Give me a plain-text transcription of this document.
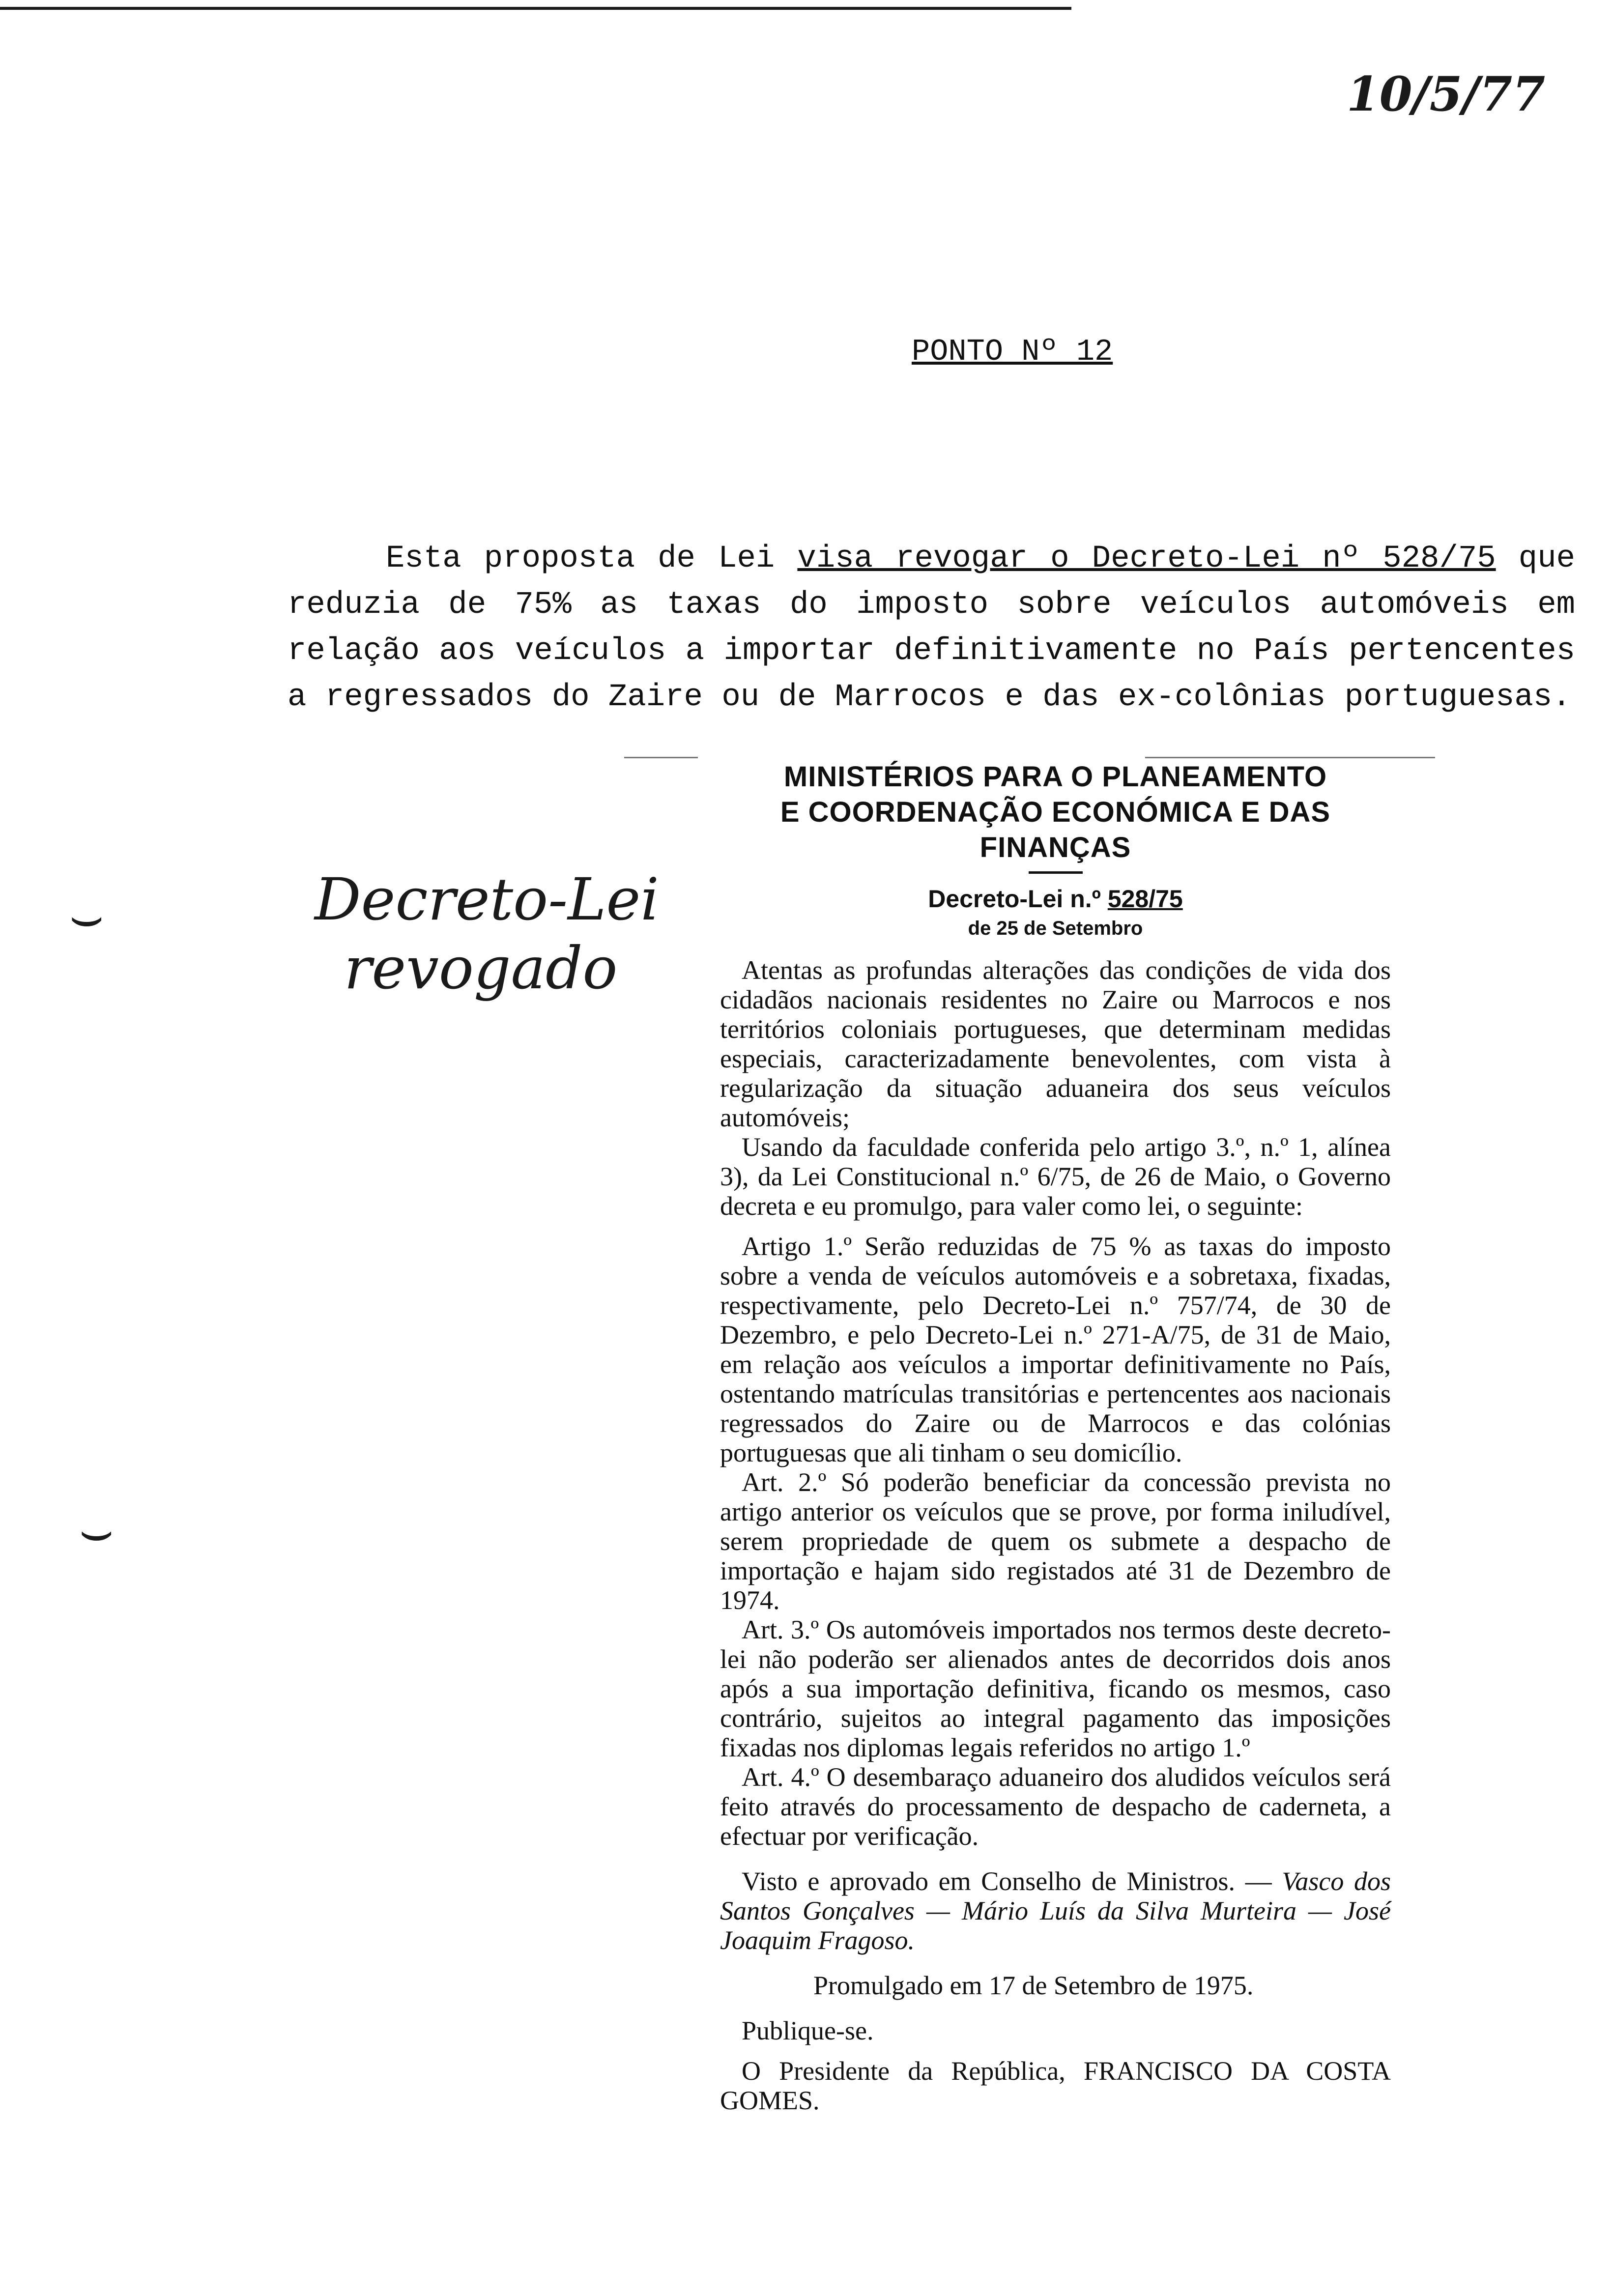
10/5/77
PONTO Nº 12

Esta proposta de Lei visa revogar o Decreto-Lei nº 528/75 que reduzia de 75% as taxas do imposto sobre veículos automóveis em relação aos veículos a importar definitivamente no País pertencentes a regressados do Zaire ou de Marrocos e das ex-colônias portuguesas.

Decreto-Lei
revogado
⌣
⌣
MINISTÉRIOS PARA O PLANEAMENTO
E COORDENAÇÃO ECONÓMICA E DAS FINANÇAS
Decreto-Lei n.º 528/75
de 25 de Setembro

Atentas as profundas alterações das condições de vida dos cidadãos nacionais residentes no Zaire ou Marrocos e nos territórios coloniais portugueses, que determinam medidas especiais, caracterizadamente benevolentes, com vista à regularização da situação aduaneira dos seus veículos automóveis;

Usando da faculdade conferida pelo artigo 3.º, n.º 1, alínea 3), da Lei Constitucional n.º 6/75, de 26 de Maio, o Governo decreta e eu promulgo, para valer como lei, o seguinte:

Artigo 1.º Serão reduzidas de 75 % as taxas do imposto sobre a venda de veículos automóveis e a sobretaxa, fixadas, respectivamente, pelo Decreto-Lei n.º 757/74, de 30 de Dezembro, e pelo Decreto-Lei n.º 271-A/75, de 31 de Maio, em relação aos veículos a importar definitivamente no País, ostentando matrículas transitórias e pertencentes aos nacionais regressados do Zaire ou de Marrocos e das colónias portuguesas que ali tinham o seu domicílio.

Art. 2.º Só poderão beneficiar da concessão prevista no artigo anterior os veículos que se prove, por forma iniludível, serem propriedade de quem os submete a despacho de importação e hajam sido registados até 31 de Dezembro de 1974.

Art. 3.º Os automóveis importados nos termos deste decreto-lei não poderão ser alienados antes de decorridos dois anos após a sua importação definitiva, ficando os mesmos, caso contrário, sujeitos ao integral pagamento das imposições fixadas nos diplomas legais referidos no artigo 1.º

Art. 4.º O desembaraço aduaneiro dos aludidos veículos será feito através do processamento de despacho de caderneta, a efectuar por verificação.

Visto e aprovado em Conselho de Ministros. — Vasco dos Santos Gonçalves — Mário Luís da Silva Murteira — José Joaquim Fragoso.

Promulgado em 17 de Setembro de 1975.

Publique-se.

O Presidente da República, FRANCISCO DA COSTA GOMES.
